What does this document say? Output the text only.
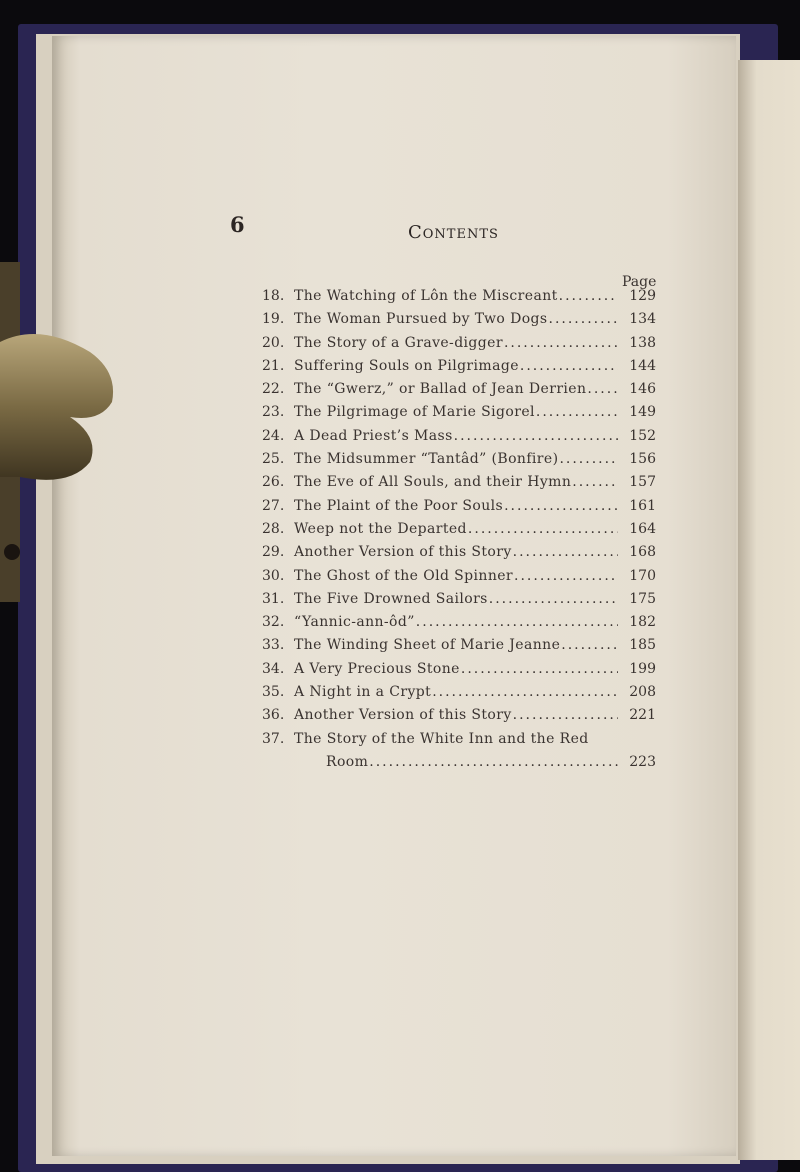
6	Contents
Page
18. The Watching of Lôn the Miscreant .....	129
19. The Woman Pursued by Two Dogs .....	134
20. The Story of a Grave-digger .....	138
21. Suffering Souls on Pilgrimage .....	144
22. The “Gwerz,” or Ballad of Jean Derrien .....	146
23. The Pilgrimage of Marie Sigorel .....	149
24. A Dead Priest’s Mass .....	152
25. The Midsummer “Tantâd” (Bonfire) .....	156
26. The Eve of All Souls, and their Hymn .....	157
27. The Plaint of the Poor Souls .....	161
28. Weep not the Departed .....	164
29. Another Version of this Story .....	168
30. The Ghost of the Old Spinner .....	170
31. The Five Drowned Sailors .....	175
32. “Yannic-ann-ôd” .....	182
33. The Winding Sheet of Marie Jeanne .....	185
34. A Very Precious Stone .....	199
35. A Night in a Crypt .....	208
36. Another Version of this Story .....	221
37. The Story of the White Inn and the Red
Room .....	223
